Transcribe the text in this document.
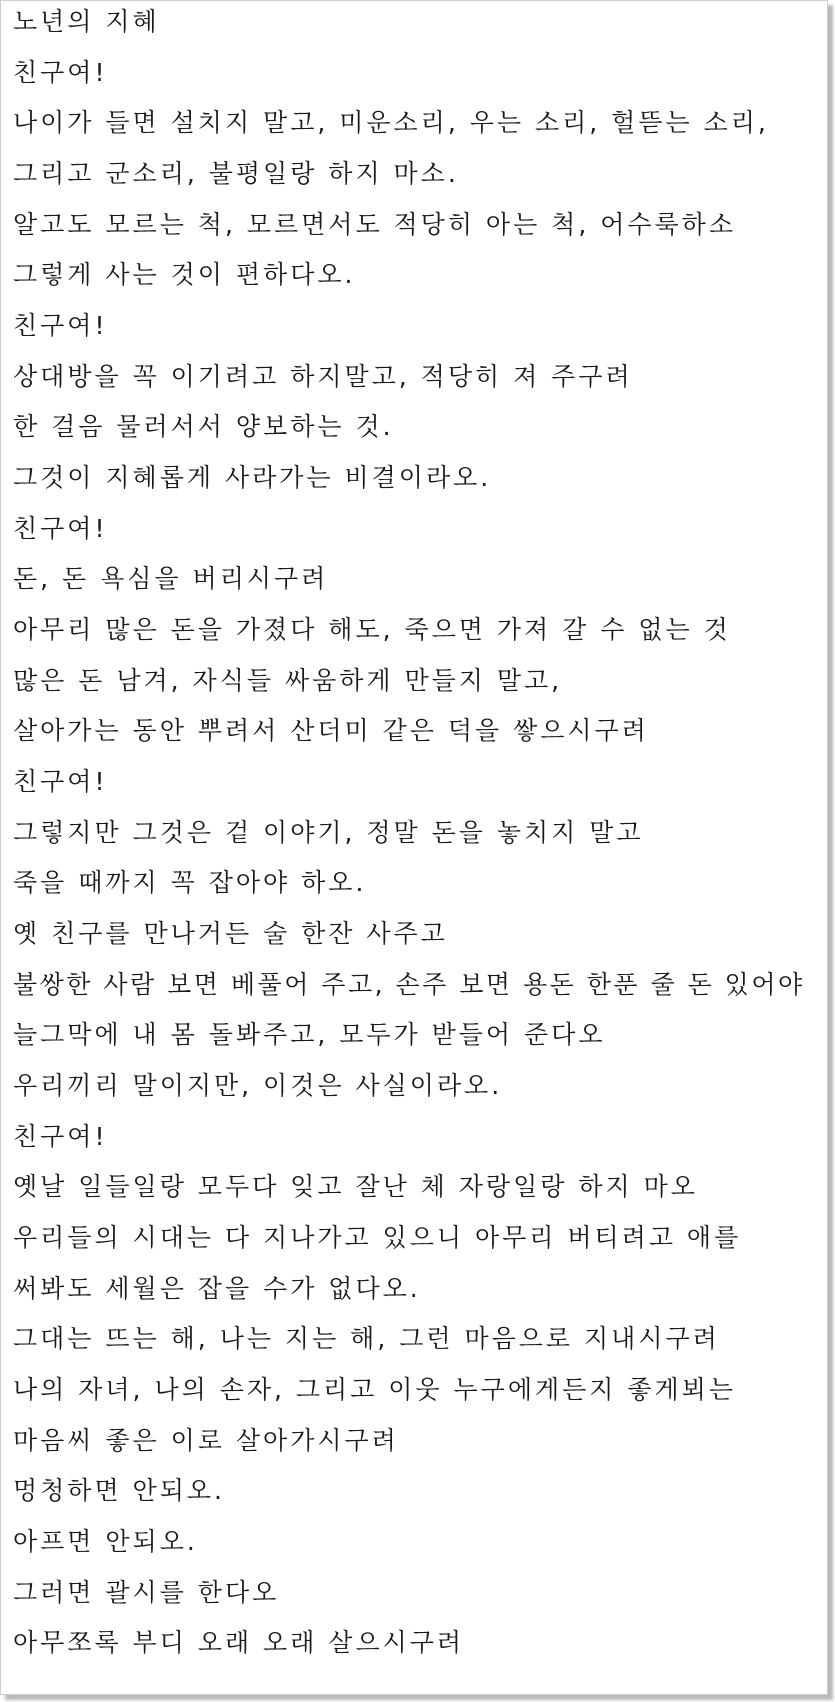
노년의 지혜
친구여!
나이가 들면 설치지 말고, 미운소리, 우는 소리, 헐뜯는 소리,
그리고 군소리, 불평일랑 하지 마소.
알고도 모르는 척, 모르면서도 적당히 아는 척, 어수룩하소
그렇게 사는 것이 편하다오.
친구여!
상대방을 꼭 이기려고 하지말고, 적당히 져 주구려
한 걸음 물러서서 양보하는 것.
그것이 지혜롭게 사라가는 비결이라오.
친구여!
돈, 돈 욕심을 버리시구려
아무리 많은 돈을 가졌다 해도, 죽으면 가져 갈 수 없는 것
많은 돈 남겨, 자식들 싸움하게 만들지 말고,
살아가는 동안 뿌려서 산더미 같은 덕을 쌓으시구려
친구여!
그렇지만 그것은 겉 이야기, 정말 돈을 놓치지 말고
죽을 때까지 꼭 잡아야 하오.
옛 친구를 만나거든 술 한잔 사주고
불쌍한 사람 보면 베풀어 주고, 손주 보면 용돈 한푼 줄 돈 있어야
늘그막에 내 몸 돌봐주고, 모두가 받들어 준다오
우리끼리 말이지만, 이것은 사실이라오.
친구여!
옛날 일들일랑 모두다 잊고 잘난 체 자랑일랑 하지 마오
우리들의 시대는 다 지나가고 있으니 아무리 버티려고 애를
써봐도 세월은 잡을 수가 없다오.
그대는 뜨는 해, 나는 지는 해, 그런 마음으로 지내시구려
나의 자녀, 나의 손자, 그리고 이웃 누구에게든지 좋게뵈는
마음씨 좋은 이로 살아가시구려
멍청하면 안되오.
아프면 안되오.
그러면 괄시를 한다오
아무쪼록 부디 오래 오래 살으시구려
